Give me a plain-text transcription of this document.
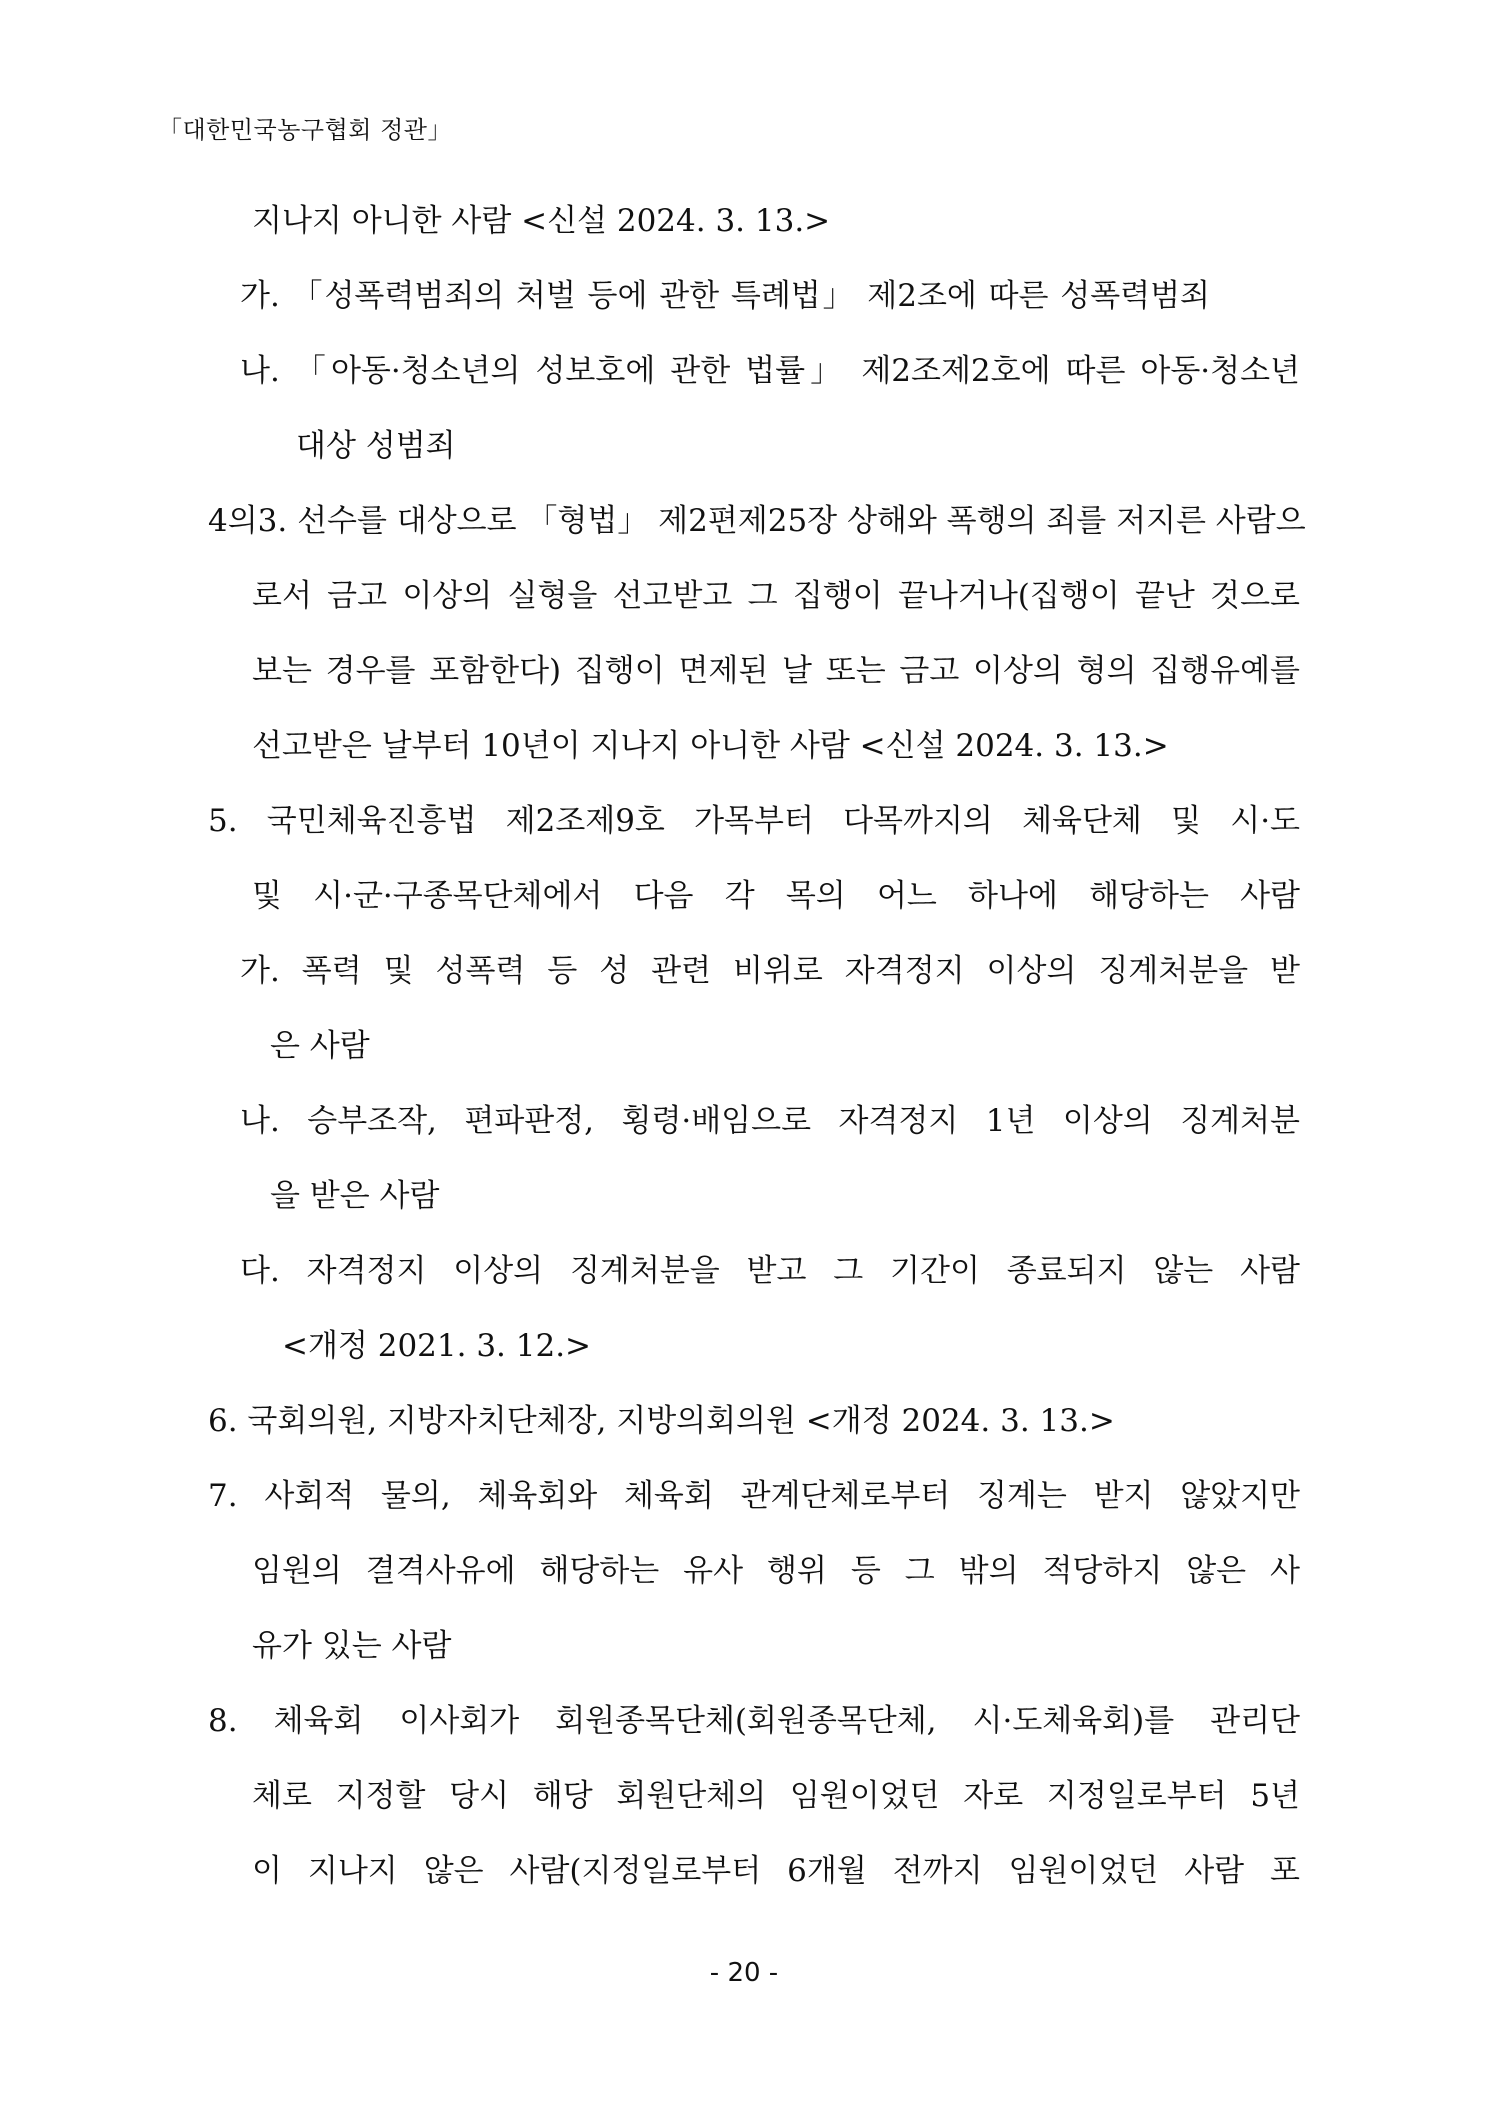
「대한민국농구협회 정관」
지나지 아니한 사람 <신설 2024. 3. 13.>
가. 「성폭력범죄의 처벌 등에 관한 특례법」 제2조에 따른 성폭력범죄
나. 「아동·청소년의 성보호에 관한 법률」 제2조제2호에 따른 아동·청소년
대상 성범죄
4의3. 선수를 대상으로 「형법」 제2편제25장 상해와 폭행의 죄를 저지른 사람으
로서 금고 이상의 실형을 선고받고 그 집행이 끝나거나(집행이 끝난 것으로
보는 경우를 포함한다) 집행이 면제된 날 또는 금고 이상의 형의 집행유예를
선고받은 날부터 10년이 지나지 아니한 사람 <신설 2024. 3. 13.>
5. 국민체육진흥법 제2조제9호 가목부터 다목까지의 체육단체 및 시·도
및 시·군·구종목단체에서 다음 각 목의 어느 하나에 해당하는 사람
가. 폭력 및 성폭력 등 성 관련 비위로 자격정지 이상의 징계처분을 받
은 사람
나. 승부조작, 편파판정, 횡령·배임으로 자격정지 1년 이상의 징계처분
을 받은 사람
다. 자격정지 이상의 징계처분을 받고 그 기간이 종료되지 않는 사람
<개정 2021. 3. 12.>
6. 국회의원, 지방자치단체장, 지방의회의원 <개정 2024. 3. 13.>
7. 사회적 물의, 체육회와 체육회 관계단체로부터 징계는 받지 않았지만
임원의 결격사유에 해당하는 유사 행위 등 그 밖의 적당하지 않은 사
유가 있는 사람
8. 체육회 이사회가 회원종목단체(회원종목단체, 시·도체육회)를 관리단
체로 지정할 당시 해당 회원단체의 임원이었던 자로 지정일로부터 5년
이 지나지 않은 사람(지정일로부터 6개월 전까지 임원이었던 사람 포
- 20 -
